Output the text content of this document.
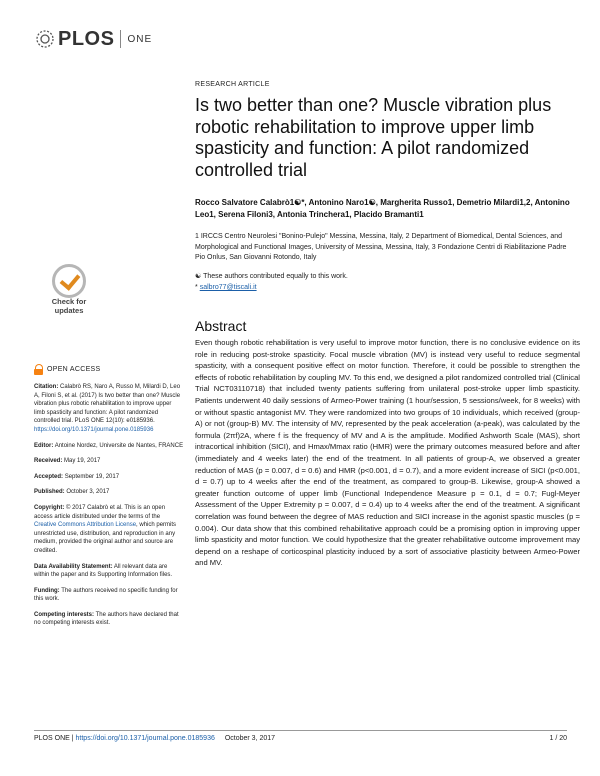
PLOS ONE
RESEARCH ARTICLE
Is two better than one? Muscle vibration plus robotic rehabilitation to improve upper limb spasticity and function: A pilot randomized controlled trial
Rocco Salvatore Calabrò1☯*, Antonino Naro1☯, Margherita Russo1, Demetrio Milardi1,2, Antonino Leo1, Serena Filoni3, Antonia Trinchera1, Placido Bramanti1
1 IRCCS Centro Neurolesi "Bonino-Pulejo" Messina, Messina, Italy, 2 Department of Biomedical, Dental Sciences, and Morphological and Functional Images, University of Messina, Messina, Italy, 3 Fondazione Centri di Riabilitazione Padre Pio Onlus, San Giovanni Rotondo, Italy
☯ These authors contributed equally to this work.
* salbro77@tiscali.it
Check for
updates
Abstract

Even though robotic rehabilitation is very useful to improve motor function, there is no conclusive evidence on its role in reducing post-stroke spasticity. Focal muscle vibration (MV) is instead very useful to reduce segmental spasticity, with a consequent positive effect on motor function. Therefore, it could be possible to strengthen the effects of robotic rehabilitation by coupling MV. To this end, we designed a pilot randomized controlled trial (Clinical Trial NCT03110718) that included twenty patients suffering from unilateral post-stroke upper limb spasticity. Patients underwent 40 daily sessions of Armeo-Power training (1 hour/session, 5 sessions/week, for 8 weeks) with or without spastic antagonist MV. They were randomized into two groups of 10 individuals, which received (group-A) or not (group-B) MV. The intensity of MV, represented by the peak acceleration (a-peak), was calculated by the formula (2πf)2A, where f is the frequency of MV and A is the amplitude. Modified Ashworth Scale (MAS), short intracortical inhibition (SICI), and Hmax/Mmax ratio (HMR) were the primary outcomes measured before and after (immediately and 4 weeks later) the end of the treatment. In all patients of group-A, we observed a greater reduction of MAS (p = 0.007, d = 0.6) and HMR (p<0.001, d = 0.7), and a more evident increase of SICI (p<0.001, d = 0.7) up to 4 weeks after the end of the treatment, as compared to group-B. Likewise, group-A showed a greater function outcome of upper limb (Functional Independence Measure p = 0.1, d = 0.7; Fugl-Meyer Assessment of the Upper Extremity p = 0.007, d = 0.4) up to 4 weeks after the end of the treatment. A significant correlation was found between the degree of MAS reduction and SICI increase in the agonist spastic muscles (p = 0.004). Our data show that this combined rehabilitative approach could be a promising option in improving upper limb spasticity and motor function. We could hypothesize that the greater rehabilitative outcome improvement may depend on a reshape of corticospinal plasticity induced by a sort of associative plasticity between Armeo-Power and MV.

OPEN ACCESS
Citation: Calabrò RS, Naro A, Russo M, Milardi D, Leo A, Filoni S, et al. (2017) Is two better than one? Muscle vibration plus robotic rehabilitation to improve upper limb spasticity and function: A pilot randomized controlled trial. PLoS ONE 12(10): e0185936. https://doi.org/10.1371/journal.pone.0185936
Editor: Antoine Nordez, Universite de Nantes, FRANCE
Received: May 19, 2017
Accepted: September 19, 2017
Published: October 3, 2017
Copyright: © 2017 Calabrò et al. This is an open access article distributed under the terms of the Creative Commons Attribution License, which permits unrestricted use, distribution, and reproduction in any medium, provided the original author and source are credited.
Data Availability Statement: All relevant data are within the paper and its Supporting Information files.
Funding: The authors received no specific funding for this work.
Competing interests: The authors have declared that no competing interests exist.
PLOS ONE | https://doi.org/10.1371/journal.pone.0185936 October 3, 2017	1 / 20
